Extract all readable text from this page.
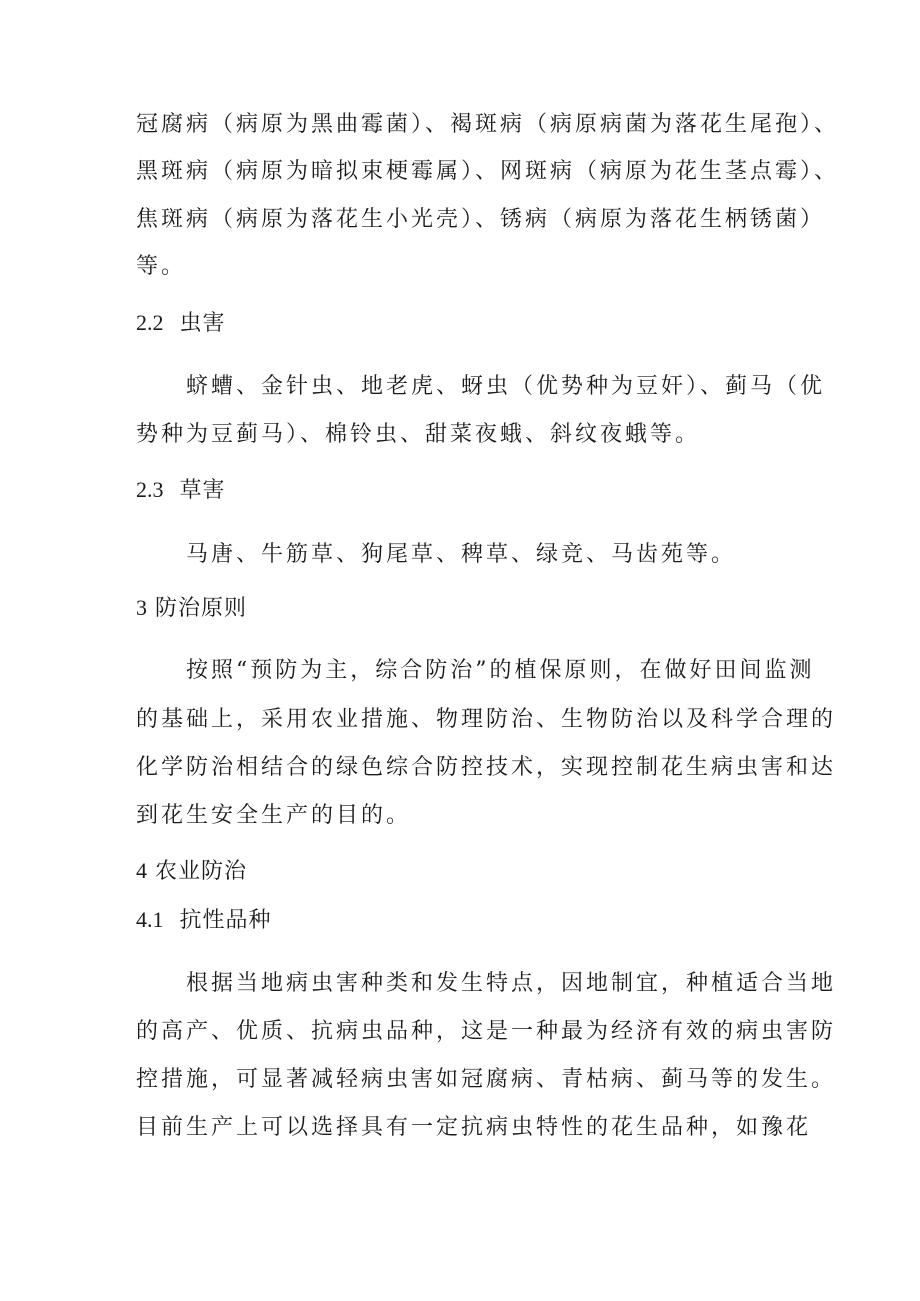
冠腐病（病原为黑曲霉菌）、褐斑病（病原病菌为落花生尾孢）、
黑斑病（病原为暗拟束梗霉属）、网斑病（病原为花生茎点霉）、
焦斑病（病原为落花生小光壳）、锈病（病原为落花生柄锈菌）
等。
2.2 虫害
蛴螬、金针虫、地老虎、蚜虫（优势种为豆奸）、蓟马（优
势种为豆蓟马）、棉铃虫、甜菜夜蛾、斜纹夜蛾等。
2.3 草害
马唐、牛筋草、狗尾草、稗草、绿竞、马齿苑等。
3 防治原则
按照“预防为主，综合防治”的植保原则，在做好田间监测
的基础上，采用农业措施、物理防治、生物防治以及科学合理的
化学防治相结合的绿色综合防控技术，实现控制花生病虫害和达
到花生安全生产的目的。
4 农业防治
4.1 抗性品种
根据当地病虫害种类和发生特点，因地制宜，种植适合当地
的高产、优质、抗病虫品种，这是一种最为经济有效的病虫害防
控措施，可显著减轻病虫害如冠腐病、青枯病、蓟马等的发生。
目前生产上可以选择具有一定抗病虫特性的花生品种，如豫花
